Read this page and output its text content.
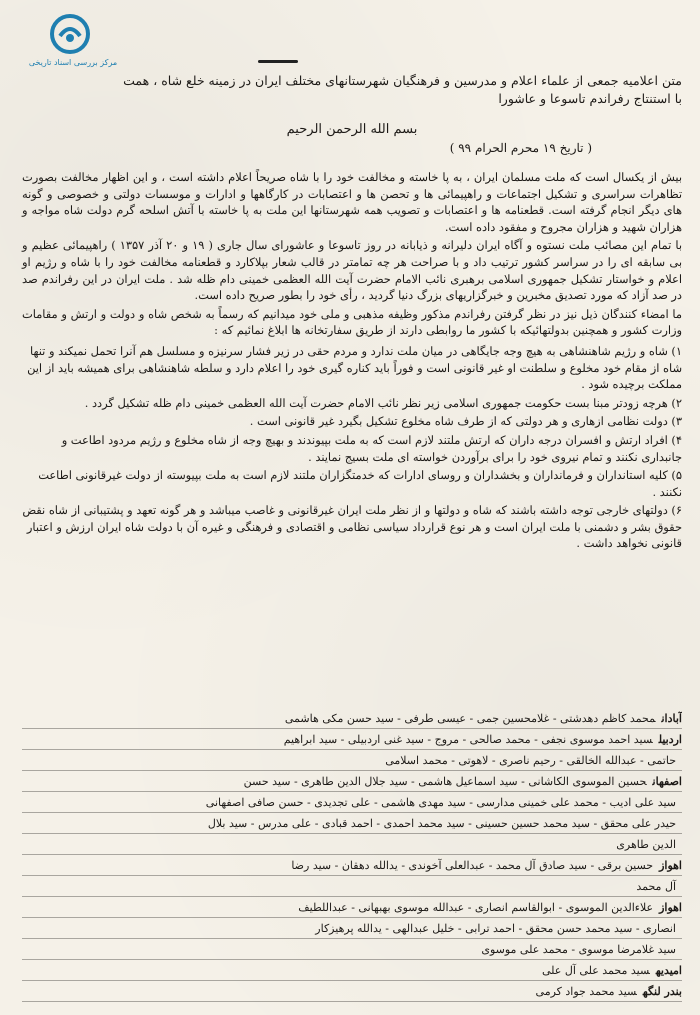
مرکز بررسی اسناد تاریخی
متن اعلامیه جمعی از علماء اعلام و مدرسین و فرهنگیان شهرستانهای مختلف ایران در زمینه خلع شاه ، همت
با استنتاج رفراندم تاسوعا و عاشورا
بسم الله الرحمن الرحیم
( تاریخ ۱۹ محرم الحرام ۹۹ )

بیش از یکسال است که ملت مسلمان ایران ، به پا خاسته و مخالفت خود را با شاه صریحاً اعلام داشته است ، و این اظهار مخالفت بصورت تظاهرات سراسری و تشکیل اجتماعات و راهپیمائی ها و تحصن ها و اعتصابات در کارگاهها و ادارات و موسسات دولتی و خصوصی و گونه های دیگر انجام گرفته است. قطعنامه ها و اعتصابات و تصویب همه شهرستانها این ملت به پا خاسته با آتش اسلحه گرم دولت شاه مواجه و هزاران شهید و هزاران مجروح و مفقود داده است.

با تمام این مصائب ملت نستوه و آگاه ایران دلیرانه و ذیابانه در روز تاسوعا و عاشورای سال جاری ( ۱۹ و ۲۰ آذر ۱۳۵۷ ) راهپیمائی عظیم و بی سابقه ای را در سراسر کشور ترتیب داد و با صراحت هر چه تمامتر در قالب شعار بپلاکارد و قطعنامه مخالفت خود را با شاه و رژیم او اعلام و خواستار تشکیل جمهوری اسلامی برهبری نائب الامام حضرت آیت الله العظمی خمینی دام ظله شد . ملت ایران در این رفراندم صد در صد آزاد که مورد تصدیق مخبرین و خبرگزاریهای بزرگ دنیا گردید ، رأی خود را بطور صریح داده است.

ما امضاء کنندگان ذیل نیز در نظر گرفتن رفراندم مذکور وظیفه مذهبی و ملی خود میدانیم که رسماً به شخص شاه و دولت و ارتش و مقامات وزارت کشور و همچنین بدولتهائیکه با کشور ما روابطی دارند از طریق سفارتخانه ها ابلاغ نمائیم که :

۱) شاه و رژیم شاهنشاهی به هیچ وجه جایگاهی در میان ملت ندارد و مردم حقی در زیر فشار سرنیزه و مسلسل هم آنرا تحمل نمیکند و تنها شاه از مقام خود مخلوع و سلطنت او غیر قانونی است و فوراً باید کناره گیری خود را اعلام دارد و سلطه شاهنشاهی برای همیشه باید از این مملکت برچیده شود .
۲) هرچه زودتر مبنا بست حکومت جمهوری اسلامی زیر نظر نائب الامام حضرت آیت الله العظمی خمینی دام ظله تشکیل گردد .
۳) دولت نظامی ازهاری و هر دولتی که از طرف شاه مخلوع تشکیل بگیرد غیر قانونی است .
۴) افراد ارتش و افسران درجه داران که ارتش ملتند لازم است که به ملت بپیوندند و بهیچ وجه از شاه مخلوع و رژیم مردود اطاعت و جانبداری نکنند و تمام نیروی خود را برای برآوردن خواسته ای ملت بسیج نمایند .
۵) کلیه استانداران و فرمانداران و بخشداران و روسای ادارات که خدمتگزاران ملتند لازم است به ملت بپیوسته از دولت غیرقانونی اطاعت نکنند .
۶) دولتهای خارجی توجه داشته باشند که شاه و دولتها و از نظر ملت ایران غیرقانونی و غاصب میباشد و هر گونه تعهد و پشتیبانی از شاه نقض حقوق بشر و دشمنی با ملت ایران است و هر نوع قرارداد سیاسی نظامی و اقتصادی و فرهنگی و غیره آن با دولت شاه ایران ارزش و اعتبار قانونی نخواهد داشت .
آبادانمحمد کاظم دهدشتی - غلامحسین جمی - عیسی طرفی - سید حسن مکی هاشمی
اردبیلسید احمد موسوی نجفی - محمد صالحی - مروج - سید غنی اردبیلی - سید ابراهیم
حاتمی - عبدالله الخالقی - رحیم ناصری - لاهوتی - محمد اسلامی
اصفهانحسین الموسوی الکاشانی - سید اسماعیل هاشمی - سید جلال الدین طاهری - سید حسن
سید علی ادیب - محمد علی خمینی مدارسی - سید مهدی هاشمی - علی تجدیدی - حسن صافی اصفهانی
حیدر علی محقق - سید محمد حسین حسینی - سید محمد احمدی - احمد قبادی - علی مدرس - سید بلال
الدین طاهری
اهوازحسین برقی - سید صادق آل محمد - عبدالعلی آخوندی - یدالله دهقان - سید رضا
آل محمد
اهوازعلاءالدین الموسوی - ابوالقاسم انصاری - عبدالله موسوی بهبهانی - عبداللطیف
انصاری - سید محمد حسن محقق - احمد ترابی - خلیل عبدالهی - یدالله پرهیزکار
سید غلامرضا موسوی - محمد علی موسوی
امیدیهسید محمد علی آل علی
بندر لنگهسید محمد جواد کرمی
